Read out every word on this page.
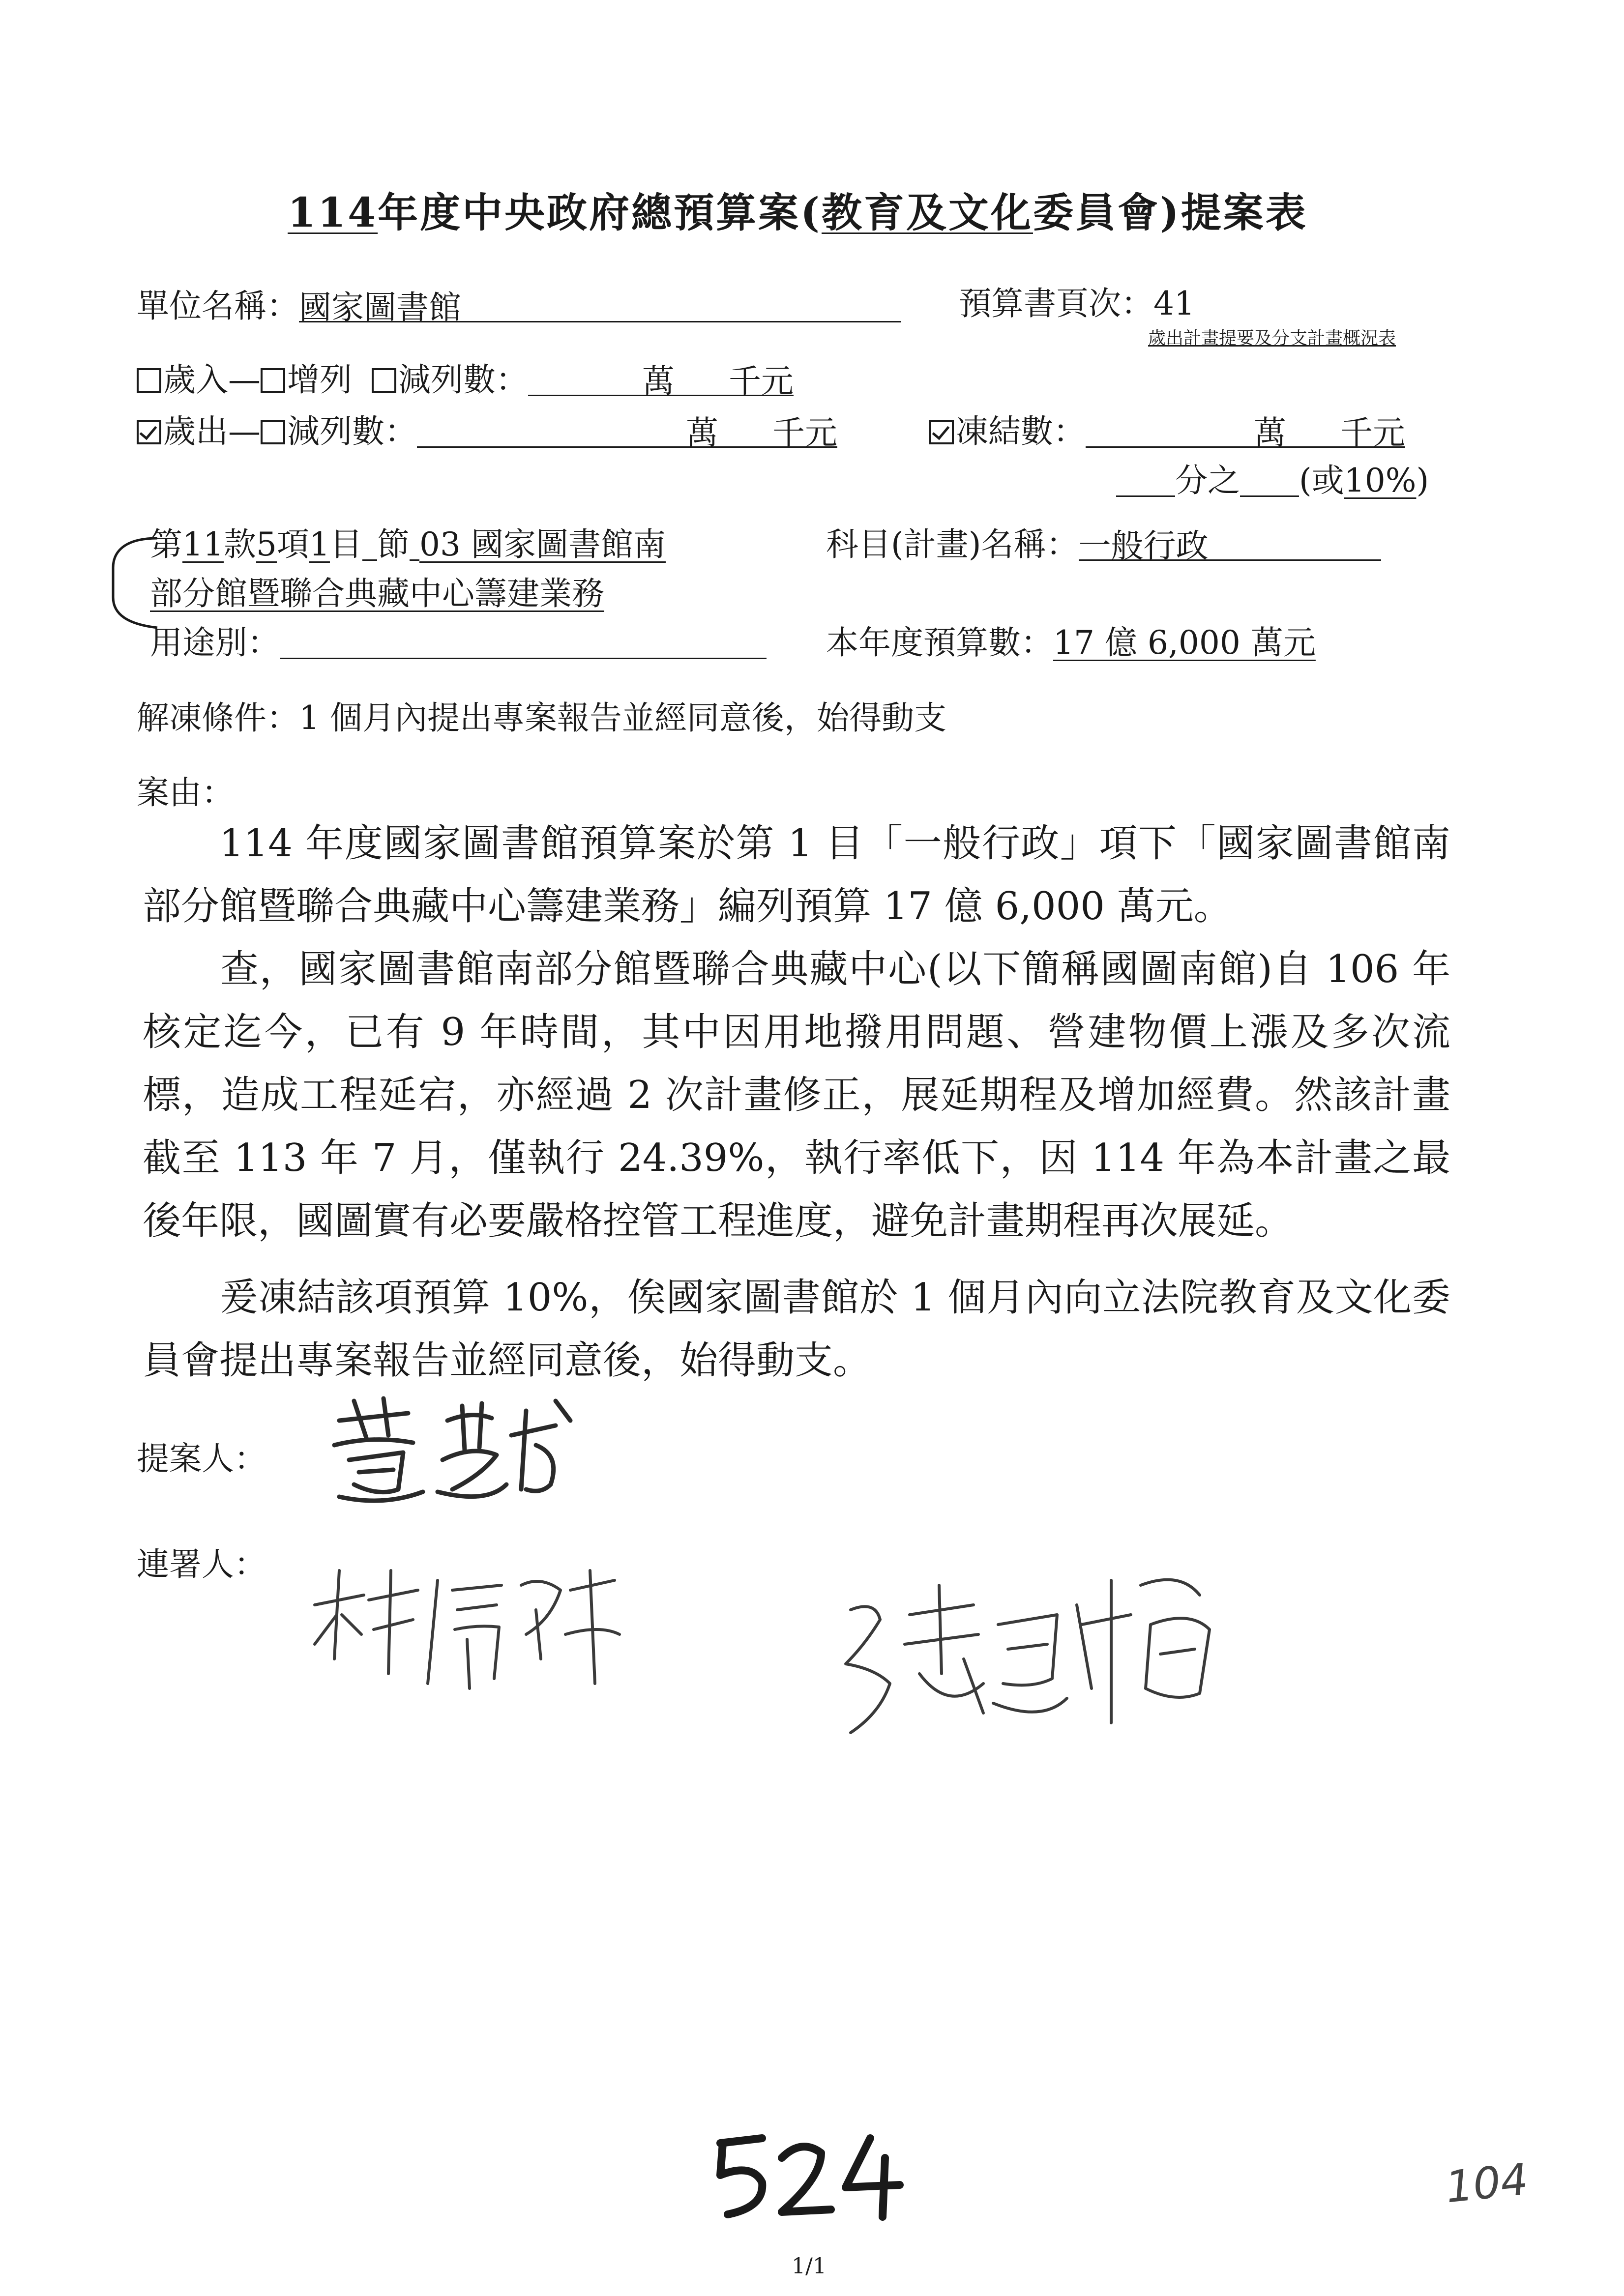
114年度中央政府總預算案(教育及文化委員會)提案表
單位名稱：國家圖書館	預算書頁次：41
歲出計畫提要及分支計畫概況表
歲入— 增列 減列數：	萬 千元
歲出— 減列數：	萬 千元	凍結數：	萬 千元
分之 (或10%)
第11款5項1目 節 03 國家圖書館南	科目(計畫)名稱：一般行政
部分館暨聯合典藏中心籌建業務
用途別：	本年度預算數：17 億 6,000 萬元
解凍條件：1 個月內提出專案報告並經同意後，始得動支
案由：
114 年度國家圖書館預算案於第 1 目「一般行政」項下「國家圖書館南部分館暨聯合典藏中心籌建業務」編列預算 17 億 6,000 萬元。
查，國家圖書館南部分館暨聯合典藏中心(以下簡稱國圖南館)自 106 年核定迄今，已有 9 年時間，其中因用地撥用問題、營建物價上漲及多次流標，造成工程延宕，亦經過 2 次計畫修正，展延期程及增加經費。然該計畫截至 113 年 7 月，僅執行 24.39%，執行率低下，因 114 年為本計畫之最後年限，國圖實有必要嚴格控管工程進度，避免計畫期程再次展延。
爰凍結該項預算 10%，俟國家圖書館於 1 個月內向立法院教育及文化委員會提出專案報告並經同意後，始得動支。
提案人：
連署人：
104
1/1
